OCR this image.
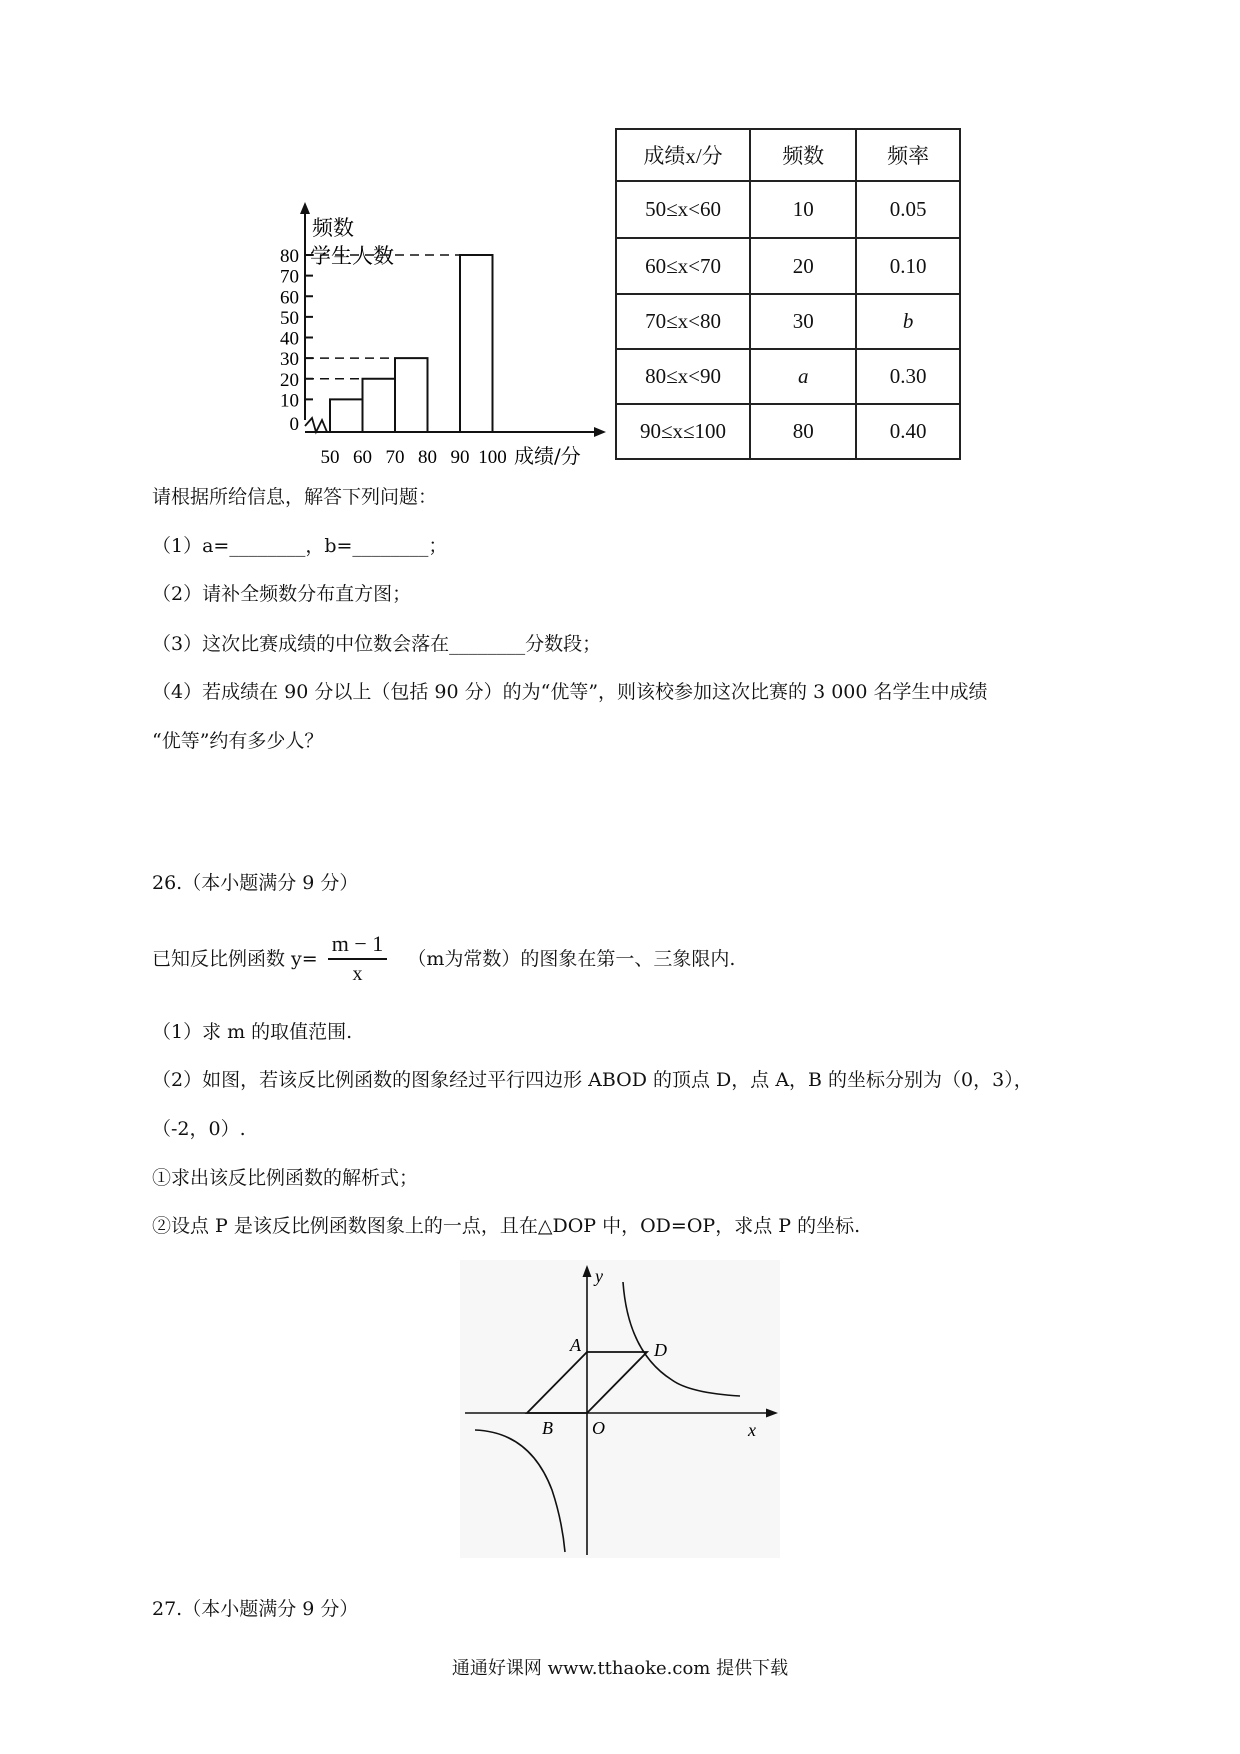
频数
学生人数
80
70
60
50
40
30
20
10
0
50 60 70 80 90 100 成绩/分
成绩x/分	频数	频率
50≤x<60	10	0.05
60≤x<70	20	0.10
70≤x<80	30	b
80≤x<90	a	0.30
90≤x≤100	80	0.40
请根据所给信息，解答下列问题：
（1）a=________，b=________；
（2）请补全频数分布直方图；
（3）这次比赛成绩的中位数会落在________分数段；
（4）若成绩在 90 分以上（包括 90 分）的为“优等”，则该校参加这次比赛的 3 000 名学生中成绩
“优等”约有多少人？
26.（本小题满分 9 分）
已知反比例函数 $y= \frac{m - 1}{x} (m$为常数）的图象在第一、三象限内.
（1）求 m 的取值范围.
（2）如图，若该反比例函数的图象经过平行四边形 ABOD 的顶点 D，点 A，B 的坐标分别为（0，3），
（-2，0）.
①求出该反比例函数的解析式；
②设点 P 是该反比例函数图象上的一点，且在△DOP 中，OD=OP，求点 P 的坐标.
y
x
A	D
B O
27.（本小题满分 9 分）
通通好课网 www.tthaoke.com 提供下载
